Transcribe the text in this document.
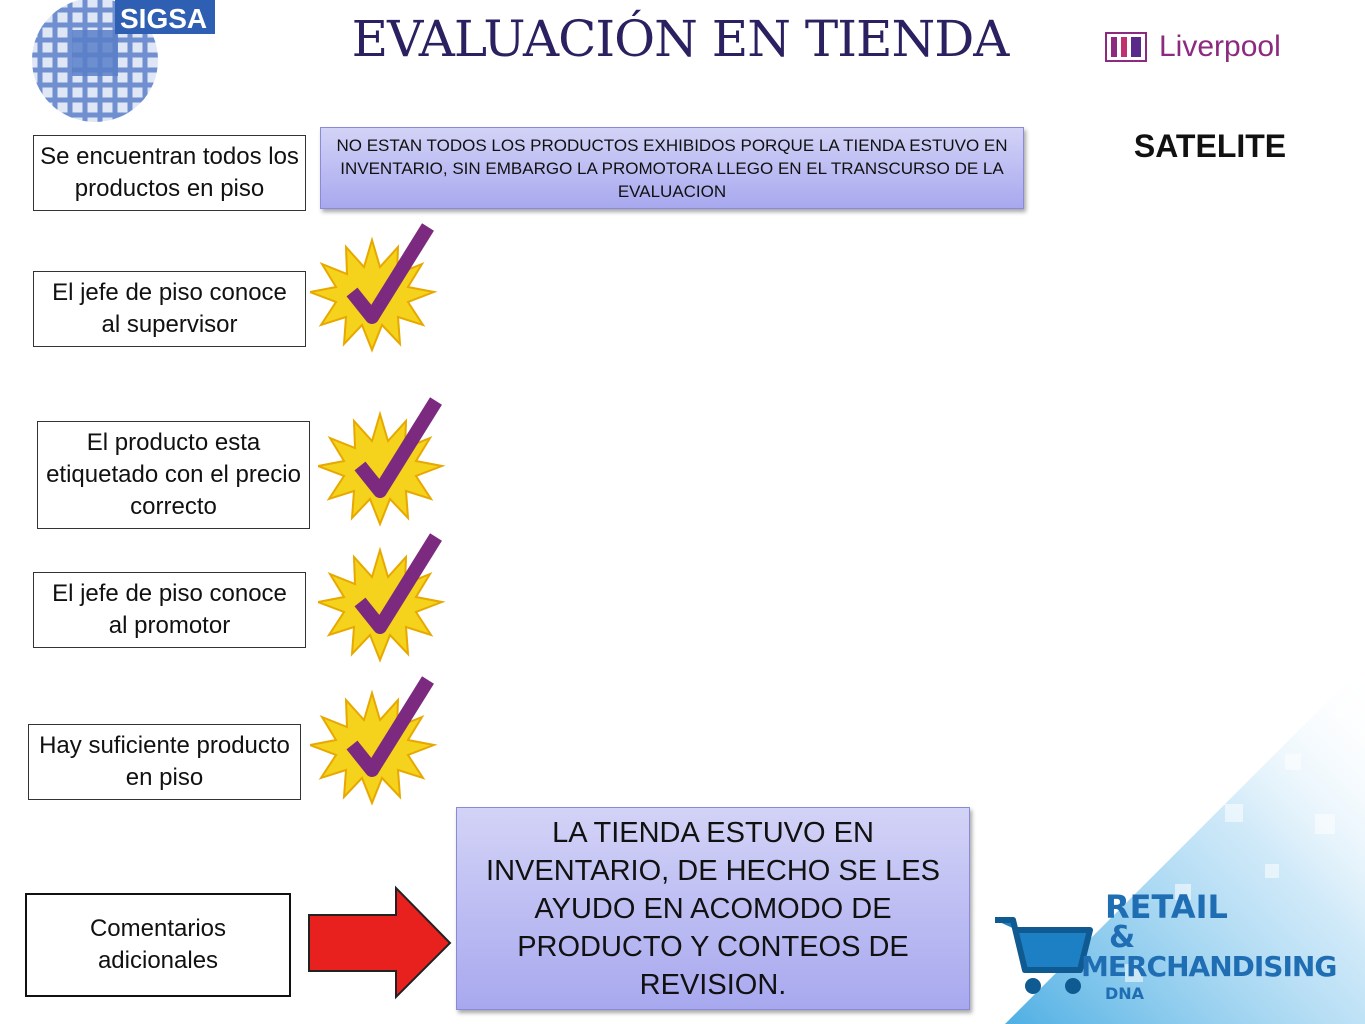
SIGSA	EVALUACIÓN EN TIENDA	Liverpool
SATELITE
Se encuentran todos los productos en piso
El jefe de piso conoce al supervisor
El producto esta etiquetado con el precio correcto
El jefe de piso conoce al promotor
Hay suficiente producto en piso
NO ESTAN TODOS LOS PRODUCTOS EXHIBIDOS PORQUE LA TIENDA ESTUVO EN INVENTARIO, SIN EMBARGO LA PROMOTORA LLEGO EN EL TRANSCURSO DE LA EVALUACION
Comentarios adicionales
LA TIENDA ESTUVO EN INVENTARIO, DE HECHO SE LES AYUDO EN ACOMODO DE PRODUCTO Y CONTEOS DE REVISION.
RETAIL
&
MERCHANDISING
DNA
